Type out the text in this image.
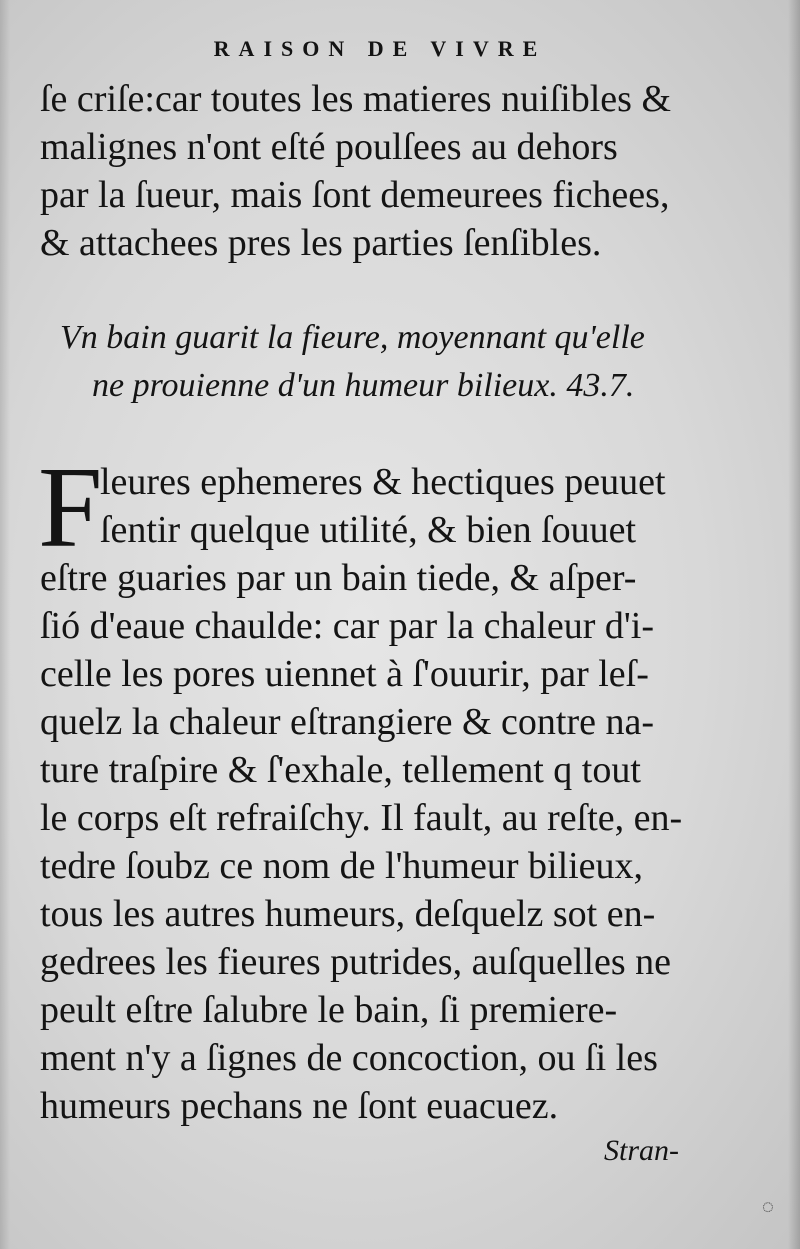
RAISON DE VIVRE
ſe criſe:car toutes les matieres nuiſibles &
malignes n'ont eſté poulſees au dehors
par la ſueur, mais ſont demeurees fichees,
& attachees pres les parties ſenſibles.
Vn bain guarit la fieure, moyennant qu'elle
ne prouienne d'un humeur bilieux. 43.7.
F
leures ephemeres & hectiques peuuet
ſentir quelque utilité, & bien ſouuet
eſtre guaries par un bain tiede, & aſper-
ſió d'eaue chaulde: car par la chaleur d'i-
celle les pores uiennet à ſ'ouurir, par leſ-
quelz la chaleur eſtrangiere & contre na-
ture traſpire & ſ'exhale, tellement q tout
le corps eſt refraiſchy. Il fault, au reſte, en-
tedre ſoubz ce nom de l'humeur bilieux,
tous les autres humeurs, deſquelz sot en-
gedrees les fieures putrides, auſquelles ne
peult eſtre ſalubre le bain, ſi premiere-
ment n'y a ſignes de concoction, ou ſi les
humeurs pechans ne ſont euacuez.
Stran-
◌
